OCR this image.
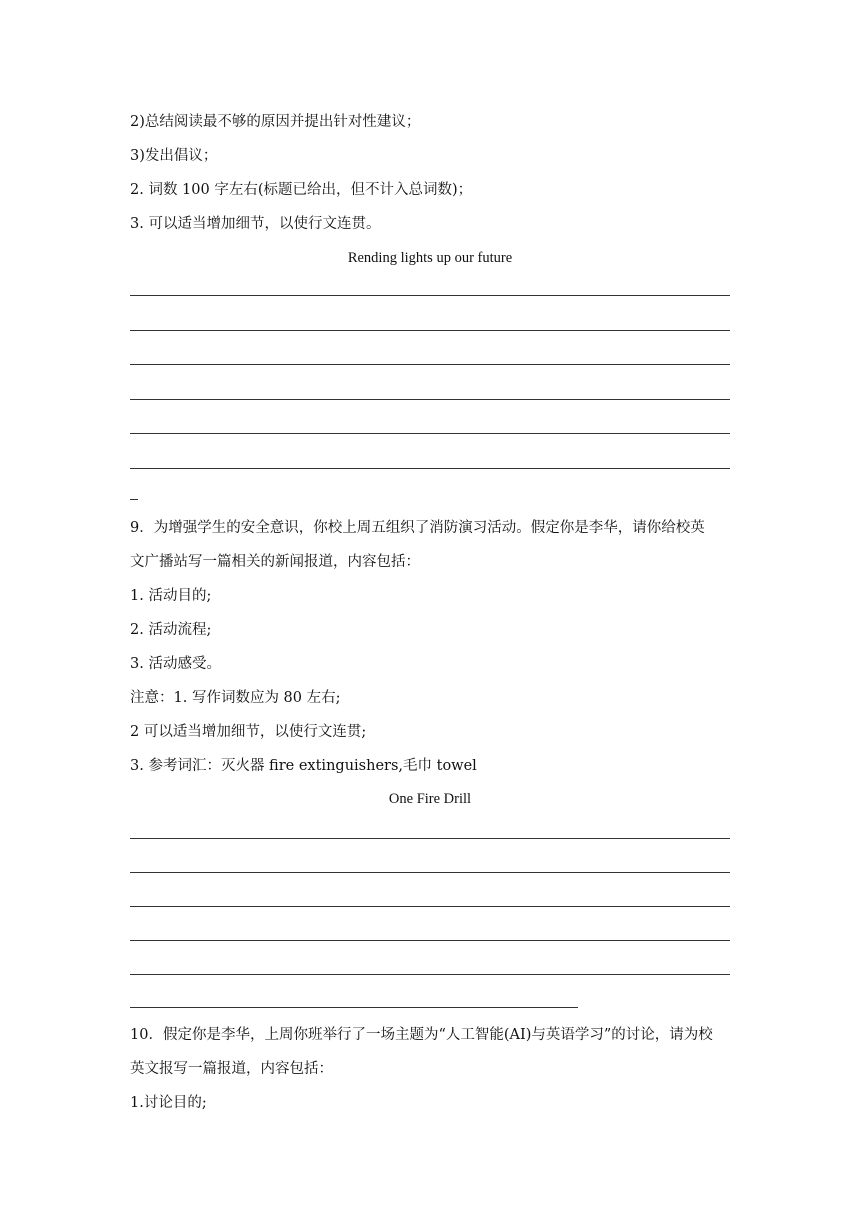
2)总结阅读最不够的原因并提出针对性建议；
3)发出倡议；
2. 词数 100 字左右(标题已给出，但不计入总词数)；
3. 可以适当增加细节，以使行文连贯。
Rending lights up our future
9．为增强学生的安全意识，你校上周五组织了消防演习活动。假定你是李华，请你给校英
文广播站写一篇相关的新闻报道，内容包括：
1. 活动目的;
2. 活动流程;
3. 活动感受。
注意：1. 写作词数应为 80 左右;
2 可以适当增加细节，以使行文连贯;
3. 参考词汇：灭火器 fire extinguishers,毛巾 towel
One Fire Drill
10．假定你是李华，上周你班举行了一场主题为“人工智能(AI)与英语学习”的讨论，请为校
英文报写一篇报道，内容包括：
1.讨论目的;
